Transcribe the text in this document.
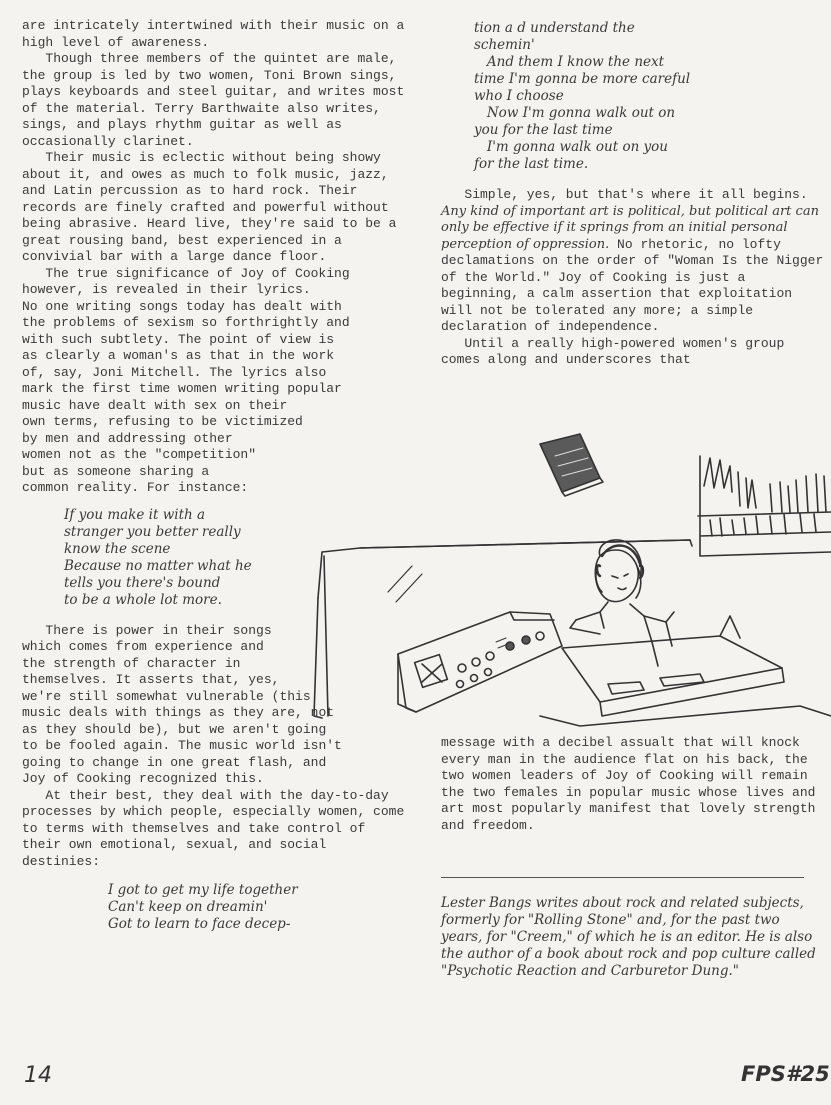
are intricately intertwined with their music on a high level of awareness.

Though three members of the quintet are male, the group is led by two women, Toni Brown sings, plays keyboards and steel guitar, and writes most of the material. Terry Barthwaite also writes, sings, and plays rhythm guitar as well as occasionally clarinet.

Their music is eclectic without being showy about it, and owes as much to folk music, jazz, and Latin percussion as to hard rock. Their records are finely crafted and powerful without being abrasive. Heard live, they're said to be a great rousing band, best experienced in a convivial bar with a large dance floor.

The true significance of Joy of Cooking
however, is revealed in their lyrics.
No one writing songs today has dealt with
the problems of sexism so forthrightly and
with such subtlety. The point of view is
as clearly a woman's as that in the work
of, say, Joni Mitchell. The lyrics also
mark the first time women writing popular
music have dealt with sex on their
own terms, refusing to be victimized
by men and addressing other
women not as the "competition"
but as someone sharing a
common reality. For instance:
If you make it with a
stranger you better really
know the scene
Because no matter what he
tells you there's bound
to be a whole lot more.
There is power in their songs
which comes from experience and
the strength of character in
themselves. It asserts that, yes,
we're still somewhat vulnerable (this
music deals with things as they are, not
as they should be), but we aren't going
to be fooled again. The music world isn't
going to change in one great flash, and
Joy of Cooking recognized this.

At their best, they deal with the day-to-day processes by which people, especially women, come to terms with themselves and take control of their own emotional, sexual, and social destinies:

I got to get my life together
Can't keep on dreamin'
Got to learn to face decep-
tion a d understand the
schemin'
And them I know the next
time I'm gonna be more careful
who I choose
Now I'm gonna walk out on
you for the last time
I'm gonna walk out on you
for the last time.

Simple, yes, but that's where it all begins. Any kind of important art is political, but political art can only be effective if it springs from an initial personal perception of oppression. No rhetoric, no lofty declamations on the order of "Woman Is the Nigger of the World." Joy of Cooking is just a beginning, a calm assertion that exploitation will not be tolerated any more; a simple declaration of independence.

Until a really high-powered women's group comes along and underscores that

message with a decibel assualt that will knock every man in the audience flat on his back, the two women leaders of Joy of Cooking will remain the two females in popular music whose lives and art most popularly manifest that lovely strength and freedom.

Lester Bangs writes about rock and related subjects, formerly for "Rolling Stone" and, for the past two years, for "Creem," of which he is an editor. He is also the author of a book about rock and pop culture called "Psychotic Reaction and Carburetor Dung."
14	FPS#25
